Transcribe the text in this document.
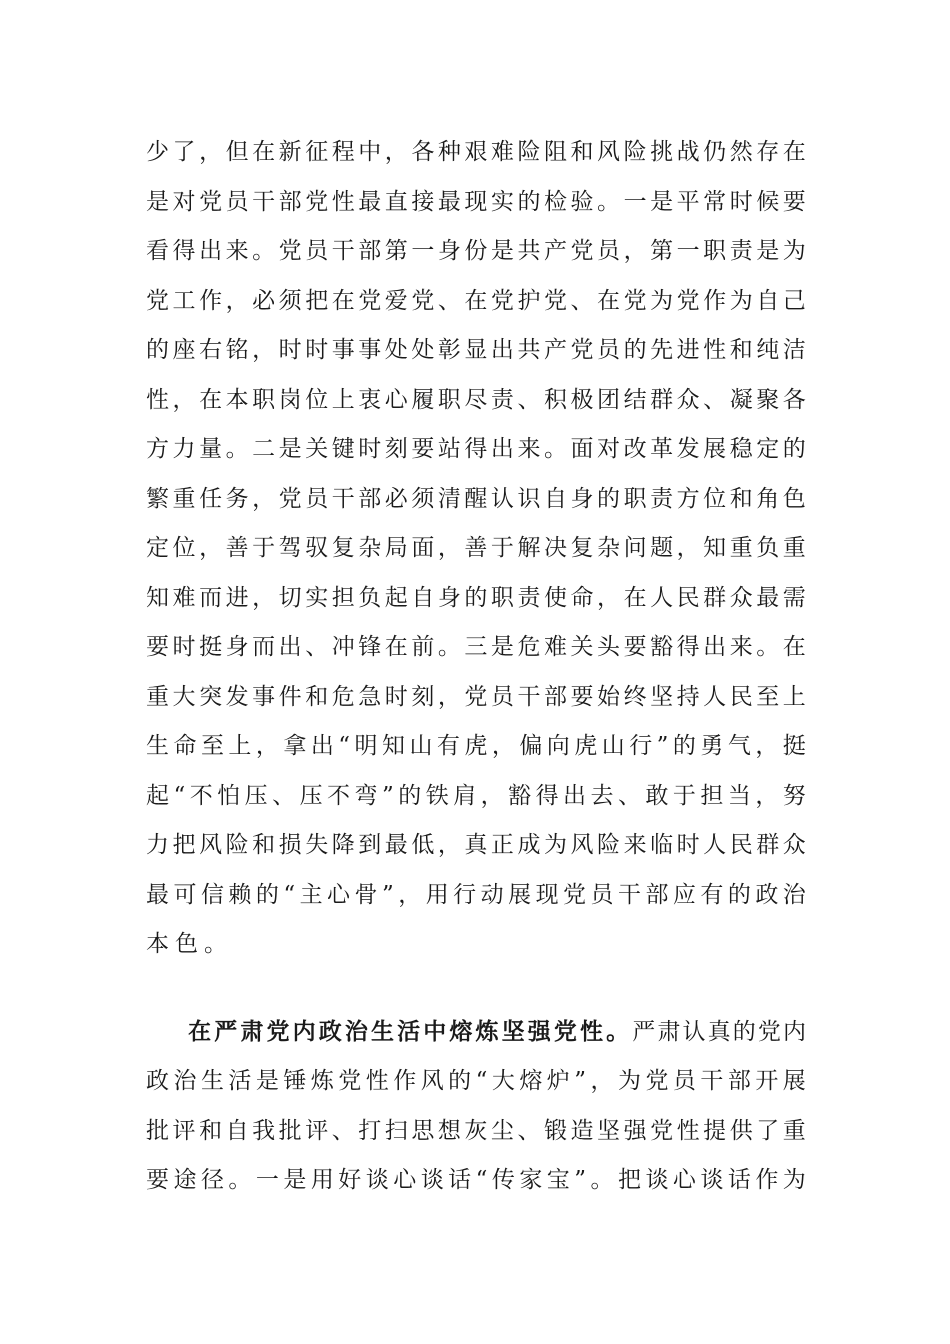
少 了 ， 但 在 新 征 程 中 ， 各 种 艰 难 险 阻 和 风 险 挑 战 仍 然 存 在
是 对 党 员 干 部 党 性 最 直 接 最 现 实 的 检 验 。 一 是 平 常 时 候 要
看 得 出 来 。 党 员 干 部 第 一 身 份 是 共 产 党 员 ， 第 一 职 责 是 为
党 工 作 ， 必 须 把 在 党 爱 党 、 在 党 护 党 、 在 党 为 党 作 为 自 己
的 座 右 铭 ， 时 时 事 事 处 处 彰 显 出 共 产 党 员 的 先 进 性 和 纯 洁
性 ， 在 本 职 岗 位 上 衷 心 履 职 尽 责 、 积 极 团 结 群 众 、 凝 聚 各
方 力 量 。 二 是 关 键 时 刻 要 站 得 出 来 。 面 对 改 革 发 展 稳 定 的
繁 重 任 务 ， 党 员 干 部 必 须 清 醒 认 识 自 身 的 职 责 方 位 和 角 色
定 位 ， 善 于 驾 驭 复 杂 局 面 ， 善 于 解 决 复 杂 问 题 ， 知 重 负 重
知 难 而 进 ， 切 实 担 负 起 自 身 的 职 责 使 命 ， 在 人 民 群 众 最 需
要 时 挺 身 而 出 、 冲 锋 在 前 。 三 是 危 难 关 头 要 豁 得 出 来 。 在
重 大 突 发 事 件 和 危 急 时 刻 ， 党 员 干 部 要 始 终 坚 持 人 民 至 上
生 命 至 上 ， 拿 出 “ 明 知 山 有 虎 ， 偏 向 虎 山 行 ” 的 勇 气 ， 挺
起 “ 不 怕 压 、 压 不 弯 ” 的 铁 肩 ， 豁 得 出 去 、 敢 于 担 当 ， 努
力 把 风 险 和 损 失 降 到 最 低 ， 真 正 成 为 风 险 来 临 时 人 民 群 众
最 可 信 赖 的 “ 主 心 骨 ” ， 用 行 动 展 现 党 员 干 部 应 有 的 政 治
本色。
在 严 肃 党 内 政 治 生 活 中 熔 炼 坚 强 党 性 。 严 肃 认 真 的 党 内
政 治 生 活 是 锤 炼 党 性 作 风 的 “ 大 熔 炉 ” ， 为 党 员 干 部 开 展
批 评 和 自 我 批 评 、 打 扫 思 想 灰 尘 、 锻 造 坚 强 党 性 提 供 了 重
要 途 径 。 一 是 用 好 谈 心 谈 话 “ 传 家 宝 ” 。 把 谈 心 谈 话 作 为
